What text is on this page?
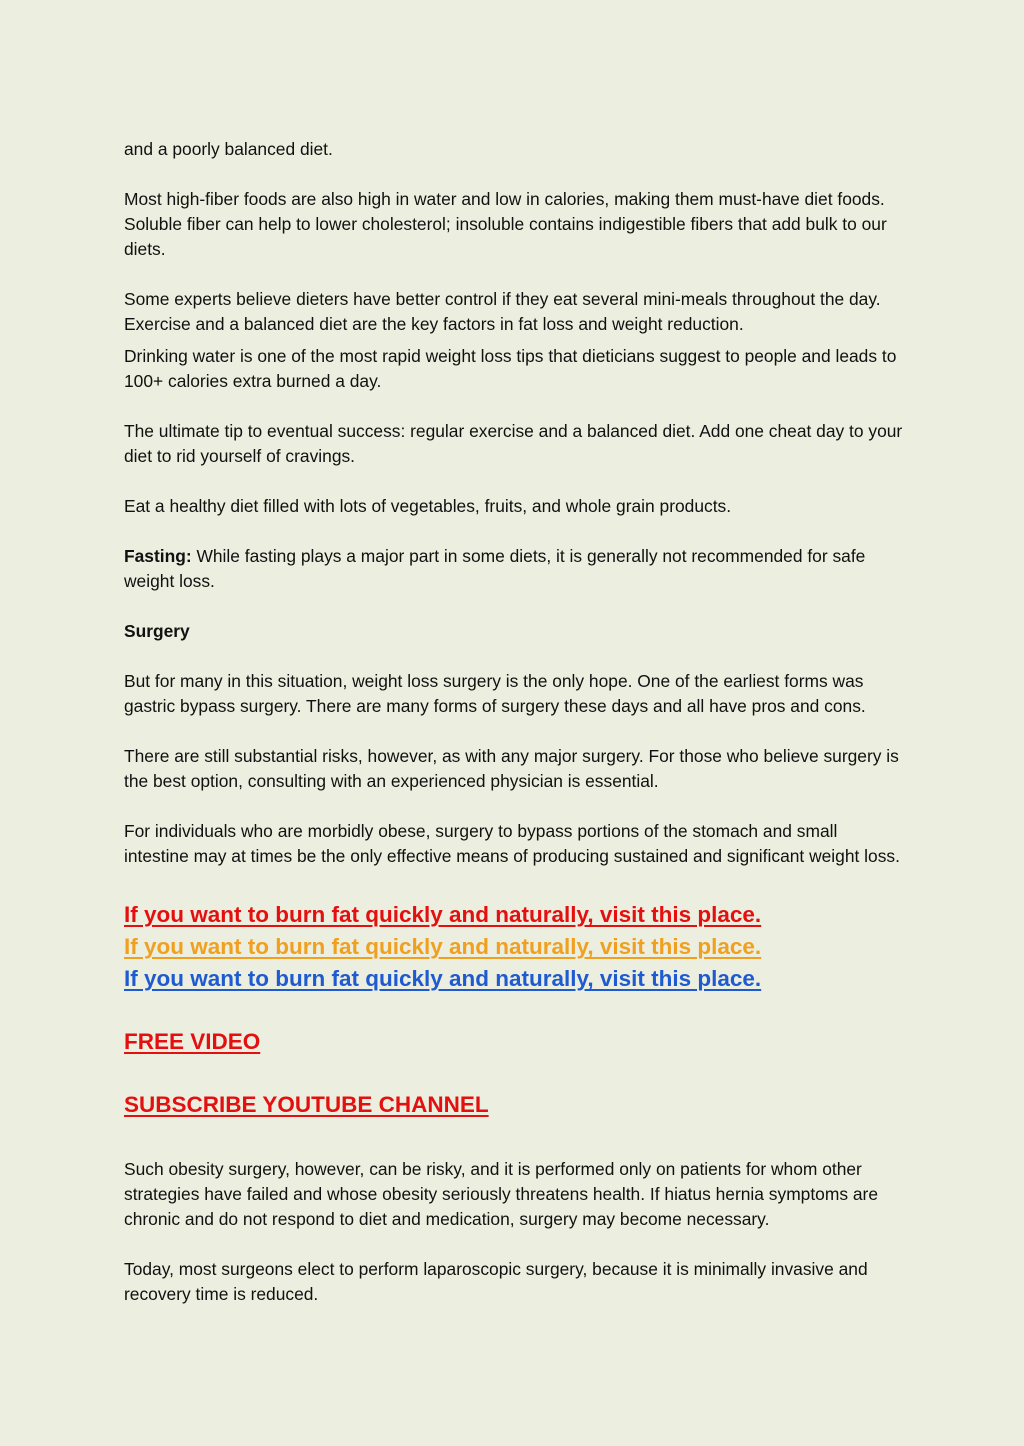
and a poorly balanced diet.

Most high-fiber foods are also high in water and low in calories, making them must-have diet foods. Soluble fiber can help to lower cholesterol; insoluble contains indigestible fibers that add bulk to our diets.

Some experts believe dieters have better control if they eat several mini-meals throughout the day. Exercise and a balanced diet are the key factors in fat loss and weight reduction.

Drinking water is one of the most rapid weight loss tips that dieticians suggest to people and leads to 100+ calories extra burned a day.

The ultimate tip to eventual success: regular exercise and a balanced diet. Add one cheat day to your diet to rid yourself of cravings.

Eat a healthy diet filled with lots of vegetables, fruits, and whole grain products.

Fasting: While fasting plays a major part in some diets, it is generally not recommended for safe weight loss.

Surgery

But for many in this situation, weight loss surgery is the only hope. One of the earliest forms was gastric bypass surgery. There are many forms of surgery these days and all have pros and cons.

There are still substantial risks, however, as with any major surgery. For those who believe surgery is the best option, consulting with an experienced physician is essential.

For individuals who are morbidly obese, surgery to bypass portions of the stomach and small intestine may at times be the only effective means of producing sustained and significant weight loss.

If you want to burn fat quickly and naturally, visit this place.
If you want to burn fat quickly and naturally, visit this place.
If you want to burn fat quickly and naturally, visit this place.
FREE VIDEO
SUBSCRIBE YOUTUBE CHANNEL

Such obesity surgery, however, can be risky, and it is performed only on patients for whom other strategies have failed and whose obesity seriously threatens health. If hiatus hernia symptoms are chronic and do not respond to diet and medication, surgery may become necessary.

Today, most surgeons elect to perform laparoscopic surgery, because it is minimally invasive and recovery time is reduced.
